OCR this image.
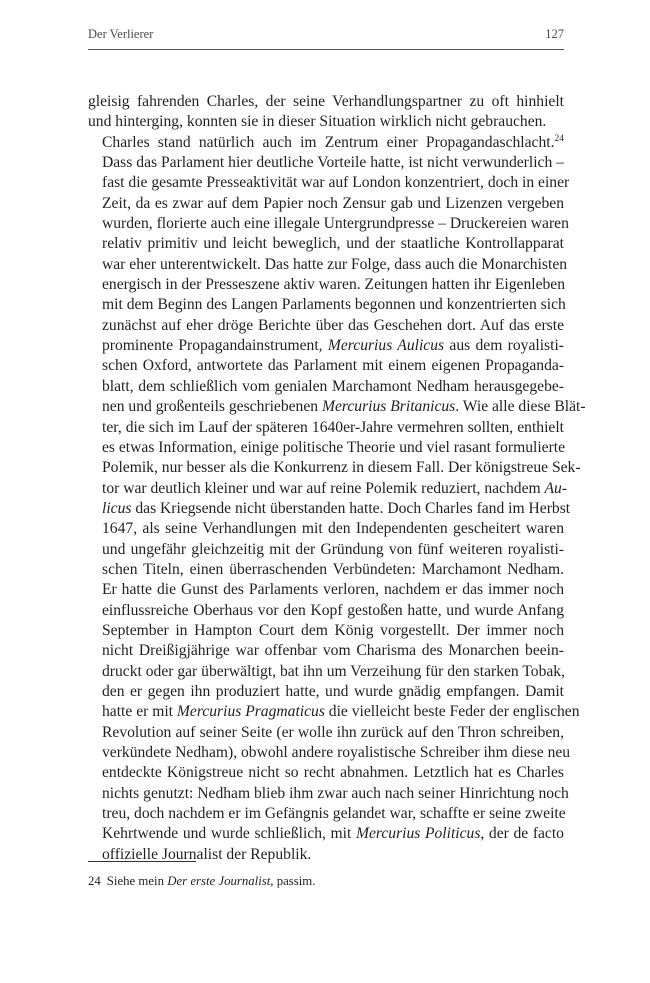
Der Verlierer	127

gleisig fahrenden Charles, der seine Verhandlungspartner zu oft hinhielt
und hinterging, konnten sie in dieser Situation wirklich nicht gebrauchen.

Charles stand natürlich auch im Zentrum einer Propagandaschlacht.$^{24}$
Dass das Parlament hier deutliche Vorteile hatte, ist nicht verwunderlich –
fast die gesamte Presseaktivität war auf London konzentriert, doch in einer
Zeit, da es zwar auf dem Papier noch Zensur gab und Lizenzen vergeben
wurden, florierte auch eine illegale Untergrundpresse – Druckereien waren
relativ primitiv und leicht beweglich, und der staatliche Kontrollapparat
war eher unterentwickelt. Das hatte zur Folge, dass auch die Monarchisten
energisch in der Presseszene aktiv waren. Zeitungen hatten ihr Eigenleben
mit dem Beginn des Langen Parlaments begonnen und konzentrierten sich
zunächst auf eher dröge Berichte über das Geschehen dort. Auf das erste
prominente Propagandainstrument, Mercurius Aulicus aus dem royalisti-
schen Oxford, antwortete das Parlament mit einem eigenen Propaganda-
blatt, dem schließlich vom genialen Marchamont Nedham herausgegebe-
nen und großenteils geschriebenen Mercurius Britanicus. Wie alle diese Blät-
ter, die sich im Lauf der späteren 1640er-Jahre vermehren sollten, enthielt
es etwas Information, einige politische Theorie und viel rasant formulierte
Polemik, nur besser als die Konkurrenz in diesem Fall. Der königstreue Sek-
tor war deutlich kleiner und war auf reine Polemik reduziert, nachdem Au-
licus das Kriegsende nicht überstanden hatte. Doch Charles fand im Herbst
1647, als seine Verhandlungen mit den Independenten gescheitert waren
und ungefähr gleichzeitig mit der Gründung von fünf weiteren royalisti-
schen Titeln, einen überraschenden Verbündeten: Marchamont Nedham.
Er hatte die Gunst des Parlaments verloren, nachdem er das immer noch
einflussreiche Oberhaus vor den Kopf gestoßen hatte, und wurde Anfang
September in Hampton Court dem König vorgestellt. Der immer noch
nicht Dreißigjährige war offenbar vom Charisma des Monarchen beein-
druckt oder gar überwältigt, bat ihn um Verzeihung für den starken Tobak,
den er gegen ihn produziert hatte, und wurde gnädig empfangen. Damit
hatte er mit Mercurius Pragmaticus die vielleicht beste Feder der englischen
Revolution auf seiner Seite (er wolle ihn zurück auf den Thron schreiben,
verkündete Nedham), obwohl andere royalistische Schreiber ihm diese neu
entdeckte Königstreue nicht so recht abnahmen. Letztlich hat es Charles
nichts genutzt: Nedham blieb ihm zwar auch nach seiner Hinrichtung noch
treu, doch nachdem er im Gefängnis gelandet war, schaffte er seine zweite
Kehrtwende und wurde schließlich, mit Mercurius Politicus, der de facto
offizielle Journalist der Republik.

24 Siehe mein Der erste Journalist, passim.
